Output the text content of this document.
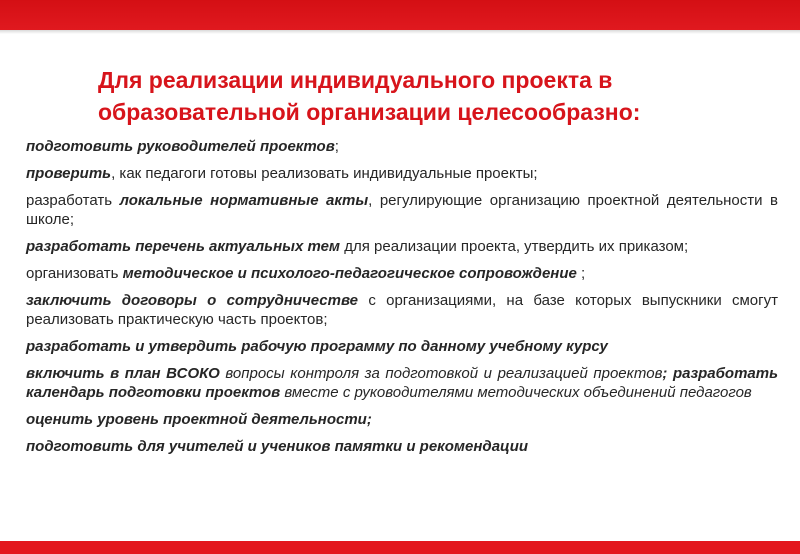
Для реализации индивидуального проекта в
образовательной организации целесообразно:
подготовить руководителей проектов;
проверить, как педагоги готовы реализовать индивидуальные проекты;
разработать локальные нормативные акты, регулирующие организацию проектной деятельности в школе;
разработать перечень актуальных тем для реализации проекта, утвердить их приказом;
организовать методическое и психолого-педагогическое сопровождение ;
заключить договоры о сотрудничестве с организациями, на базе которых выпускники смогут реализовать практическую часть проектов;
разработать и утвердить рабочую программу по данному учебному курсу
включить в план ВСОКО вопросы контроля за подготовкой и реализацией проектов; разработать календарь подготовки проектов вместе с руководителями методических объединений педагогов
оценить уровень проектной деятельности;
подготовить для учителей и учеников памятки и рекомендации
